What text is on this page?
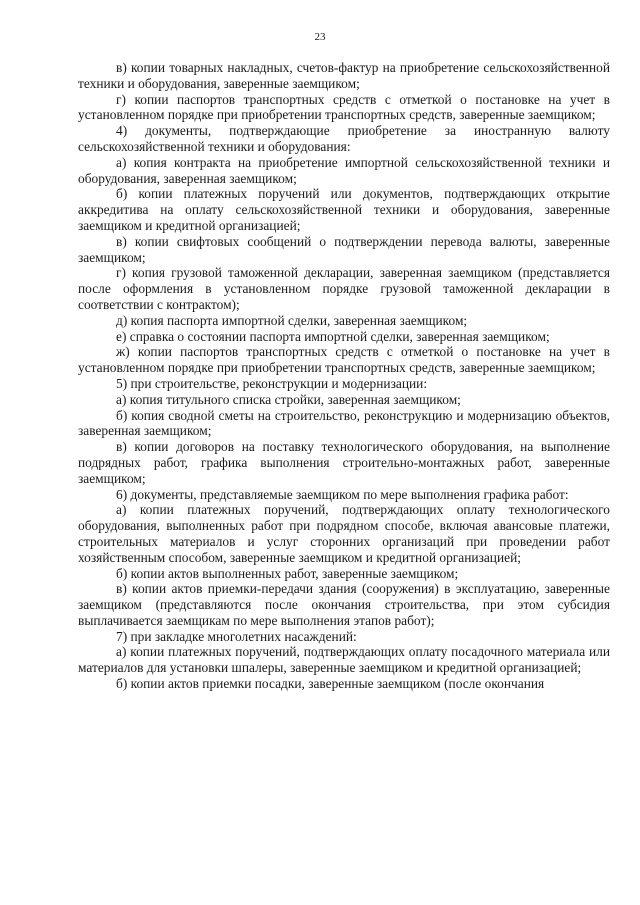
23

в) копии товарных накладных, счетов-фактур на приобретение сельскохозяйственной техники и оборудования, заверенные заемщиком;

г) копии паспортов транспортных средств с отметкой о постановке на учет в установленном порядке при приобретении транспортных средств, заверенные заемщиком;

4) документы, подтверждающие приобретение за иностранную валюту сельскохозяйственной техники и оборудования:

а) копия контракта на приобретение импортной сельскохозяйственной техники и оборудования, заверенная заемщиком;

б) копии платежных поручений или документов, подтверждающих открытие аккредитива на оплату сельскохозяйственной техники и оборудования, заверенные заемщиком и кредитной организацией;

в) копии свифтовых сообщений о подтверждении перевода валюты, заверенные заемщиком;

г) копия грузовой таможенной декларации, заверенная заемщиком (представляется после оформления в установленном порядке грузовой таможенной декларации в соответствии с контрактом);

д) копия паспорта импортной сделки, заверенная заемщиком;

е) справка о состоянии паспорта импортной сделки, заверенная заемщиком;

ж) копии паспортов транспортных средств с отметкой о постановке на учет в установленном порядке при приобретении транспортных средств, заверенные заемщиком;

5) при строительстве, реконструкции и модернизации:

а) копия титульного списка стройки, заверенная заемщиком;

б) копия сводной сметы на строительство, реконструкцию и модернизацию объектов, заверенная заемщиком;

в) копии договоров на поставку технологического оборудования, на выполнение подрядных работ, графика выполнения строительно-монтажных работ, заверенные заемщиком;

6) документы, представляемые заемщиком по мере выполнения графика работ:

а) копии платежных поручений, подтверждающих оплату технологического оборудования, выполненных работ при подрядном способе, включая авансовые платежи, строительных материалов и услуг сторонних организаций при проведении работ хозяйственным способом, заверенные заемщиком и кредитной организацией;

б) копии актов выполненных работ, заверенные заемщиком;

в) копии актов приемки-передачи здания (сооружения) в эксплуатацию, заверенные заемщиком (представляются после окончания строительства, при этом субсидия выплачивается заемщикам по мере выполнения этапов работ);

7) при закладке многолетних насаждений:

а) копии платежных поручений, подтверждающих оплату посадочного материала или материалов для установки шпалеры, заверенные заемщиком и кредитной организацией;

б) копии актов приемки посадки, заверенные заемщиком (после окончания
